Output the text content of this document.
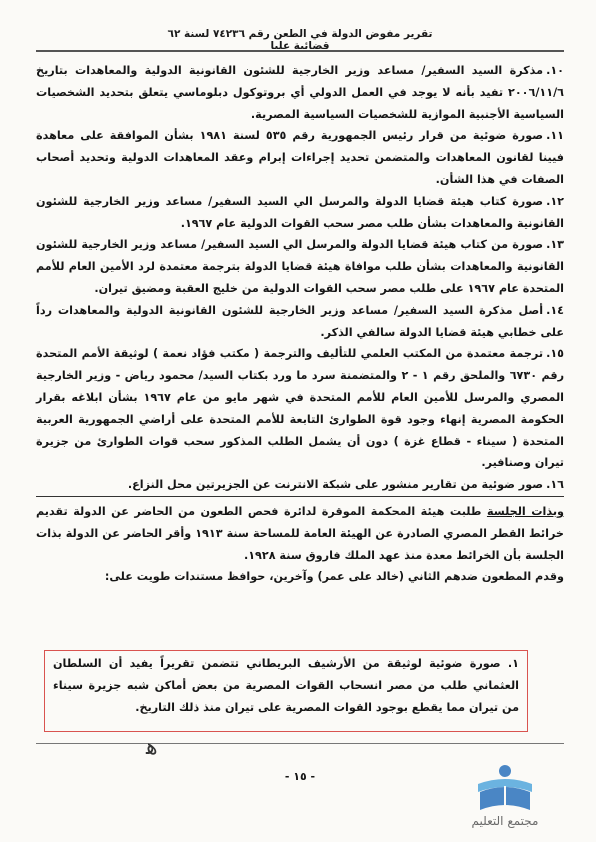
تقرير مفوض الدولة في الطعن رقم ٧٤٢٣٦ لسنة ٦٢ قضائية عليا

١٠.مذكرة السيد السفير/ مساعد وزير الخارجية للشئون القانونية الدولية والمعاهدات بتاريخ ٢٠٠٦/١١/٦ تفيد بأنه لا يوجد في العمل الدولي أي بروتوكول دبلوماسي يتعلق بتحديد الشخصيات السياسية الأجنبية الموازية للشخصيات السياسية المصرية.

١١.صورة ضوئية من قرار رئيس الجمهورية رقم ٥٣٥ لسنة ١٩٨١ بشأن الموافقة على معاهدة فيينا لقانون المعاهدات والمتضمن تحديد إجراءات إبرام وعقد المعاهدات الدولية وتحديد أصحاب الصفات في هذا الشأن.

١٢.صورة كتاب هيئة قضايا الدولة والمرسل الي السيد السفير/ مساعد وزير الخارجية للشئون القانونية والمعاهدات بشأن طلب مصر سحب القوات الدولية عام ١٩٦٧.

١٣.صورة من كتاب هيئة قضايا الدولة والمرسل الي السيد السفير/ مساعد وزير الخارجية للشئون القانونية والمعاهدات بشأن طلب موافاة هيئة قضايا الدولة بترجمة معتمدة لرد الأمين العام للأمم المتحدة عام ١٩٦٧ على طلب مصر سحب القوات الدولية من خليج العقبة ومضيق تيران.

١٤.أصل مذكرة السيد السفير/ مساعد وزير الخارجية للشئون القانونية الدولية والمعاهدات رداً على خطابي هيئة قضايا الدولة سالفي الذكر.

١٥.ترجمة معتمدة من المكتب العلمي للتأليف والترجمة ( مكتب فؤاد نعمة ) لوثيقة الأمم المتحدة رقم ٦٧٣٠ والملحق رقم ١ - ٢ والمتضمنة سرد ما ورد بكتاب السيد/ محمود رياض - وزير الخارجية المصري والمرسل للأمين العام للأمم المتحدة في شهر مايو من عام ١٩٦٧ بشأن ابلاغه بقرار الحكومة المصرية إنهاء وجود قوة الطوارئ التابعة للأمم المتحدة على أراضي الجمهورية العربية المتحدة ( سيناء - قطاع غزة ) دون أن يشمل الطلب المذكور سحب قوات الطوارئ من جزيرة تيران وصنافير.

١٦.صور ضوئية من تقارير منشور على شبكة الانترنت عن الجزيرتين محل النزاع.

وبذات الجلسة طلبت هيئة المحكمة الموقرة لدائرة فحص الطعون من الحاضر عن الدولة تقديم خرائط القطر المصري الصادرة عن الهيئة العامة للمساحة سنة ١٩١٣ وأقر الحاضر عن الدولة بذات الجلسة بأن الخرائط معدة منذ عهد الملك فاروق سنة ١٩٢٨.

وقدم المطعون ضدهم الثاني (خالد على عمر) وآخرين، حوافظ مستندات طويت على:

١. صورة ضوئية لوثيقة من الأرشيف البريطاني تتضمن تقريراً يفيد أن السلطان العثماني طلب من مصر انسحاب القوات المصرية من بعض أماكن شبه جزيرة سيناء من تيران مما يقطع بوجود القوات المصرية على تيران منذ ذلك التاريخ.
ﻫ
- ١٥ -
مجتمع التعليم
